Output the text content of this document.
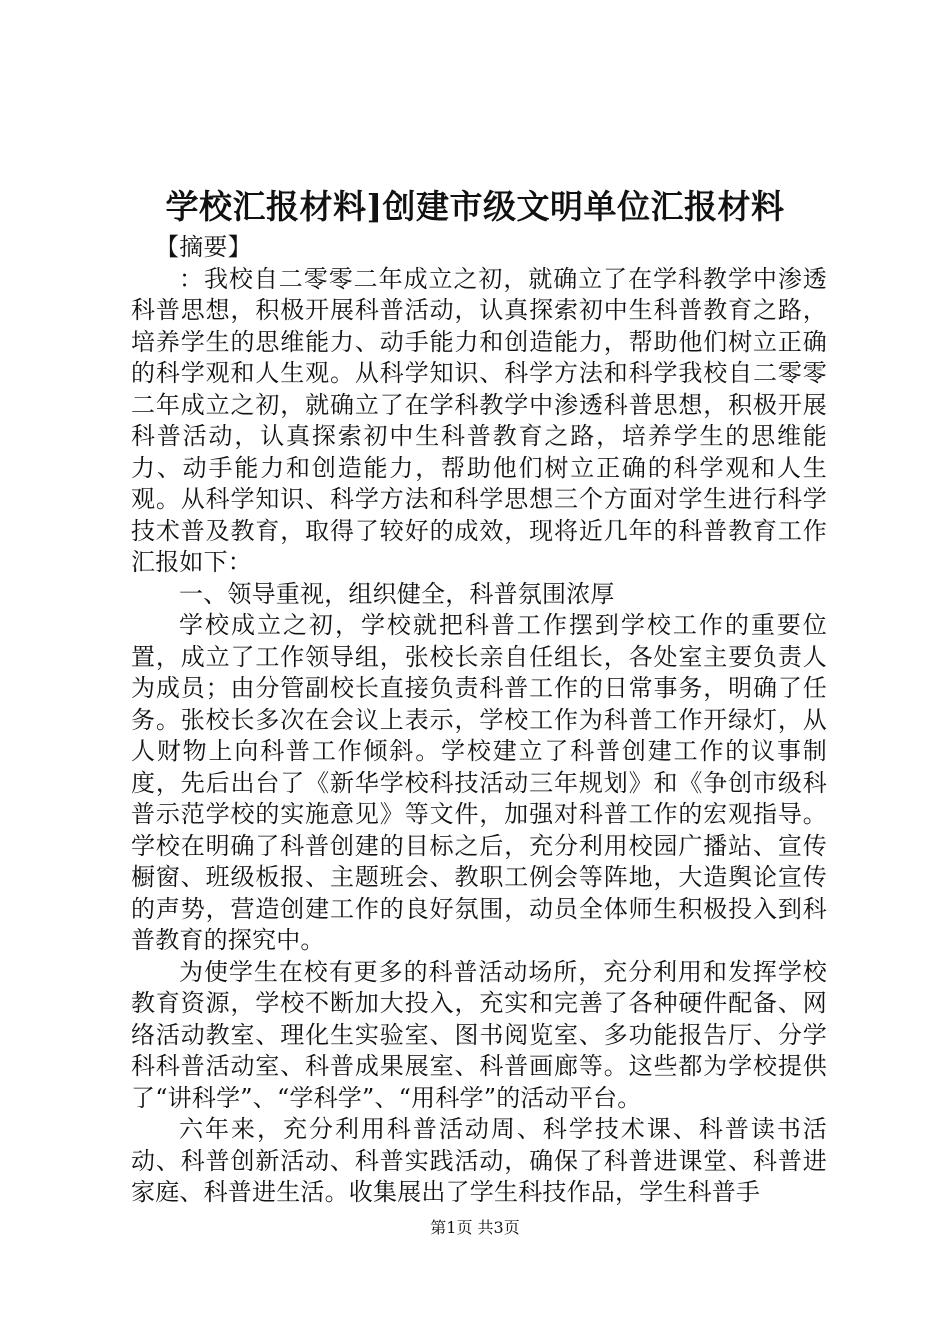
学校汇报材料]创建市级文明单位汇报材料

【摘要】

：我校自二零零二年成立之初，就确立了在学科教学中渗透科普思想，积极开展科普活动，认真探索初中生科普教育之路，培养学生的思维能力、动手能力和创造能力，帮助他们树立正确的科学观和人生观。从科学知识、科学方法和科学我校自二零零二年成立之初，就确立了在学科教学中渗透科普思想，积极开展科普活动，认真探索初中生科普教育之路，培养学生的思维能力、动手能力和创造能力，帮助他们树立正确的科学观和人生观。从科学知识、科学方法和科学思想三个方面对学生进行科学技术普及教育，取得了较好的成效，现将近几年的科普教育工作汇报如下：

一、领导重视，组织健全，科普氛围浓厚

学校成立之初，学校就把科普工作摆到学校工作的重要位置，成立了工作领导组，张校长亲自任组长，各处室主要负责人为成员；由分管副校长直接负责科普工作的日常事务，明确了任务。张校长多次在会议上表示，学校工作为科普工作开绿灯，从人财物上向科普工作倾斜。学校建立了科普创建工作的议事制度，先后出台了《新华学校科技活动三年规划》和《争创市级科普示范学校的实施意见》等文件，加强对科普工作的宏观指导。学校在明确了科普创建的目标之后，充分利用校园广播站、宣传橱窗、班级板报、主题班会、教职工例会等阵地，大造舆论宣传的声势，营造创建工作的良好氛围，动员全体师生积极投入到科普教育的探究中。

为使学生在校有更多的科普活动场所，充分利用和发挥学校教育资源，学校不断加大投入，充实和完善了各种硬件配备、网络活动教室、理化生实验室、图书阅览室、多功能报告厅、分学科科普活动室、科普成果展室、科普画廊等。这些都为学校提供了“讲科学”、“学科学”、“用科学”的活动平台。

六年来，充分利用科普活动周、科学技术课、科普读书活动、科普创新活动、科普实践活动，确保了科普进课堂、科普进家庭、科普进生活。收集展出了学生科技作品，学生科普手

第1页 共3页
